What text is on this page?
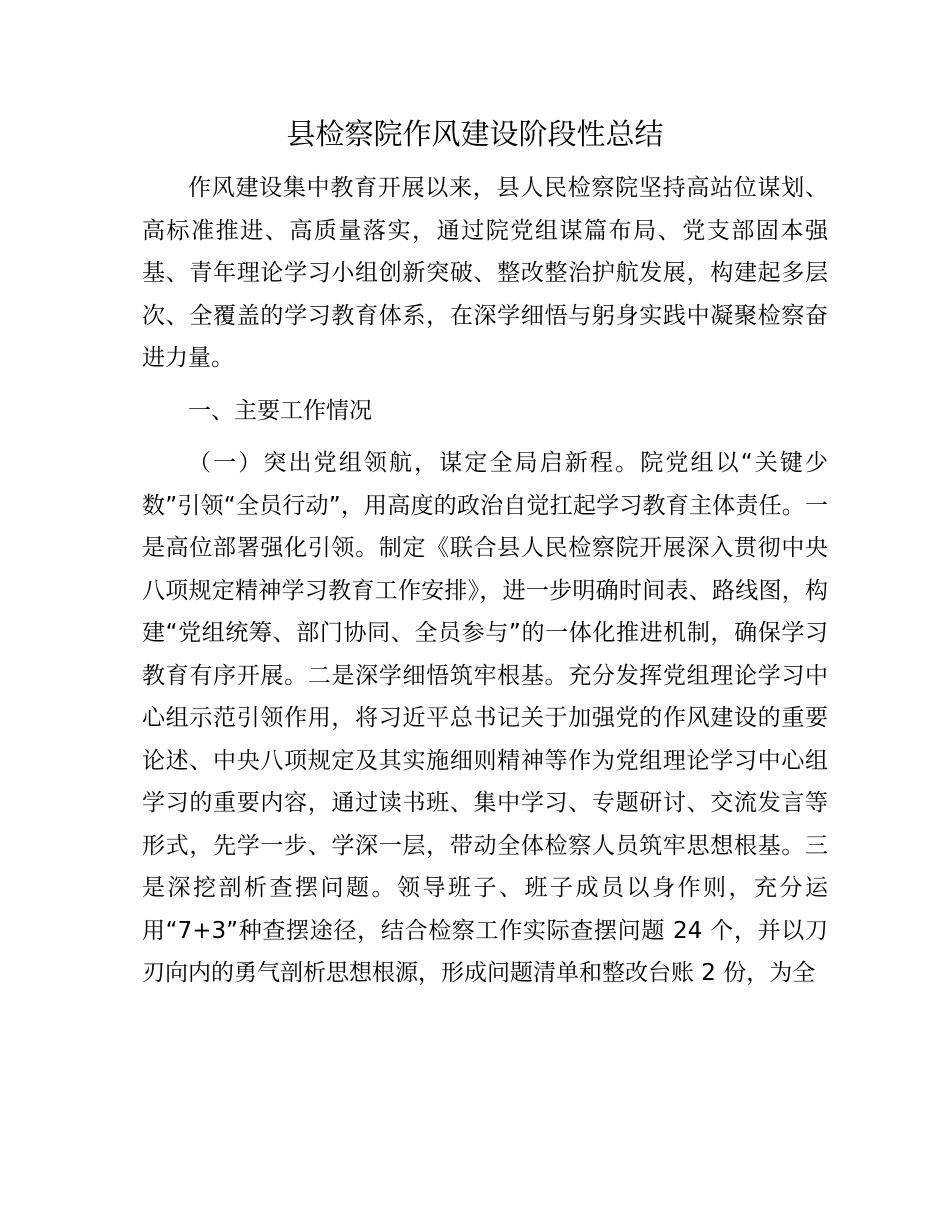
县检察院作风建设阶段性总结

作风建设集中教育开展以来，县人民检察院坚持高站位谋划、高标准推进、高质量落实，通过院党组谋篇布局、党支部固本强基、青年理论学习小组创新突破、整改整治护航发展，构建起多层次、全覆盖的学习教育体系，在深学细悟与躬身实践中凝聚检察奋进力量。

一、主要工作情况

（一）突出党组领航，谋定全局启新程。院党组以“关键少数”引领“全员行动”，用高度的政治自觉扛起学习教育主体责任。一是高位部署强化引领。制定《联合县人民检察院开展深入贯彻中央八项规定精神学习教育工作安排》，进一步明确时间表、路线图，构建“党组统筹、部门协同、全员参与”的一体化推进机制，确保学习教育有序开展。二是深学细悟筑牢根基。充分发挥党组理论学习中心组示范引领作用，将习近平总书记关于加强党的作风建设的重要论述、中央八项规定及其实施细则精神等作为党组理论学习中心组学习的重要内容，通过读书班、集中学习、专题研讨、交流发言等形式，先学一步、学深一层，带动全体检察人员筑牢思想根基。三是深挖剖析查摆问题。领导班子、班子成员以身作则，充分运用“7+3”种查摆途径，结合检察工作实际查摆问题 24 个，并以刀刃向内的勇气剖析思想根源，形成问题清单和整改台账 2 份，为全
